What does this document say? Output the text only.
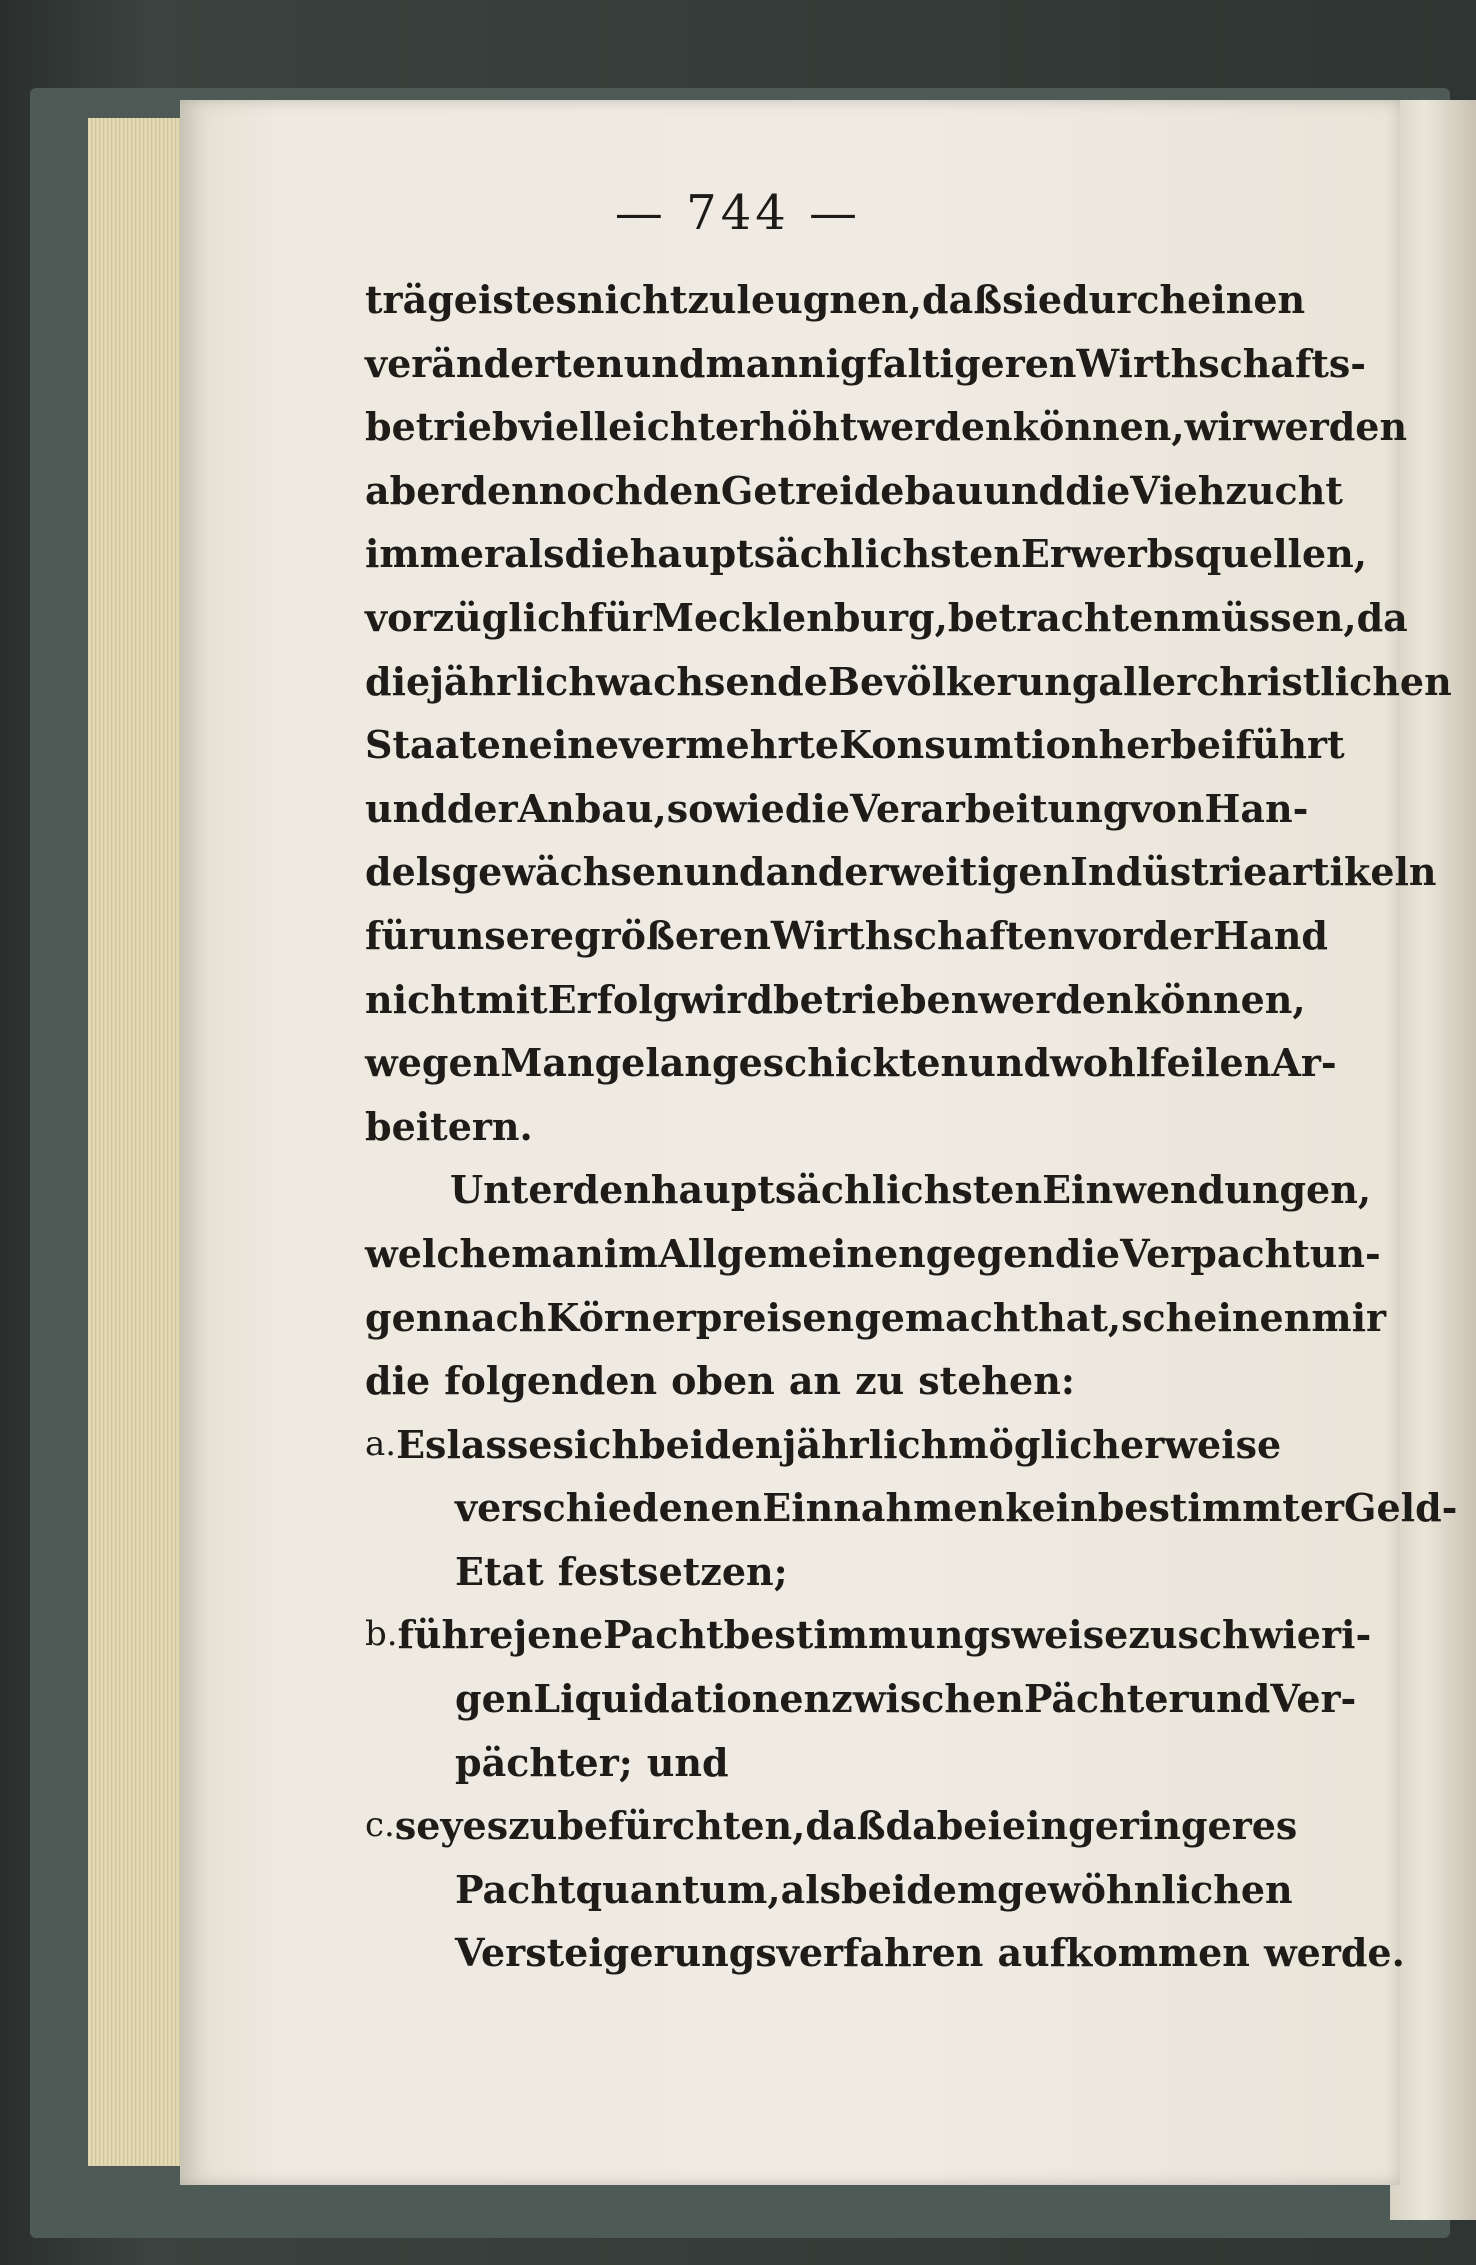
— 744 —
träge ist es nicht zu leugnen, daß sie durch einen
veränderten und mannigfaltigeren Wirthschafts-
betrieb vielleicht erhöht werden können, wir werden
aber dennoch den Getreidebau und die Viehzucht
immer als die hauptsächlichsten Erwerbsquellen,
vorzüglich für Mecklenburg, betrachten müssen, da
die jährlich wachsende Bevölkerung aller christlichen
Staaten eine vermehrte Konsumtion herbeiführt
und der Anbau, so wie die Verarbeitung von Han-
delsgewächsen und anderweitigen Indüstrieartikeln
für unsere größeren Wirthschaften vor der Hand
nicht mit Erfolg wird betrieben werden können,
wegen Mangel an geschickten und wohlfeilen Ar-
beitern.
Unter den hauptsächlichsten Einwendungen,
welche man im Allgemeinen gegen die Verpachtun-
gen nach Körnerpreisen gemacht hat, scheinen mir
die folgenden oben an zu stehen:
a. Es lasse sich bei den jährlich möglicherweise
verschiedenen Einnahmen kein bestimmter Geld-
Etat festsetzen;
b. führe jene Pachtbestimmungsweise zu schwieri-
gen Liquidationen zwischen Pächter und Ver-
pächter; und
c. sey es zu befürchten, daß dabei ein geringeres
Pachtquantum, als bei dem gewöhnlichen
Versteigerungsverfahren aufkommen werde.
